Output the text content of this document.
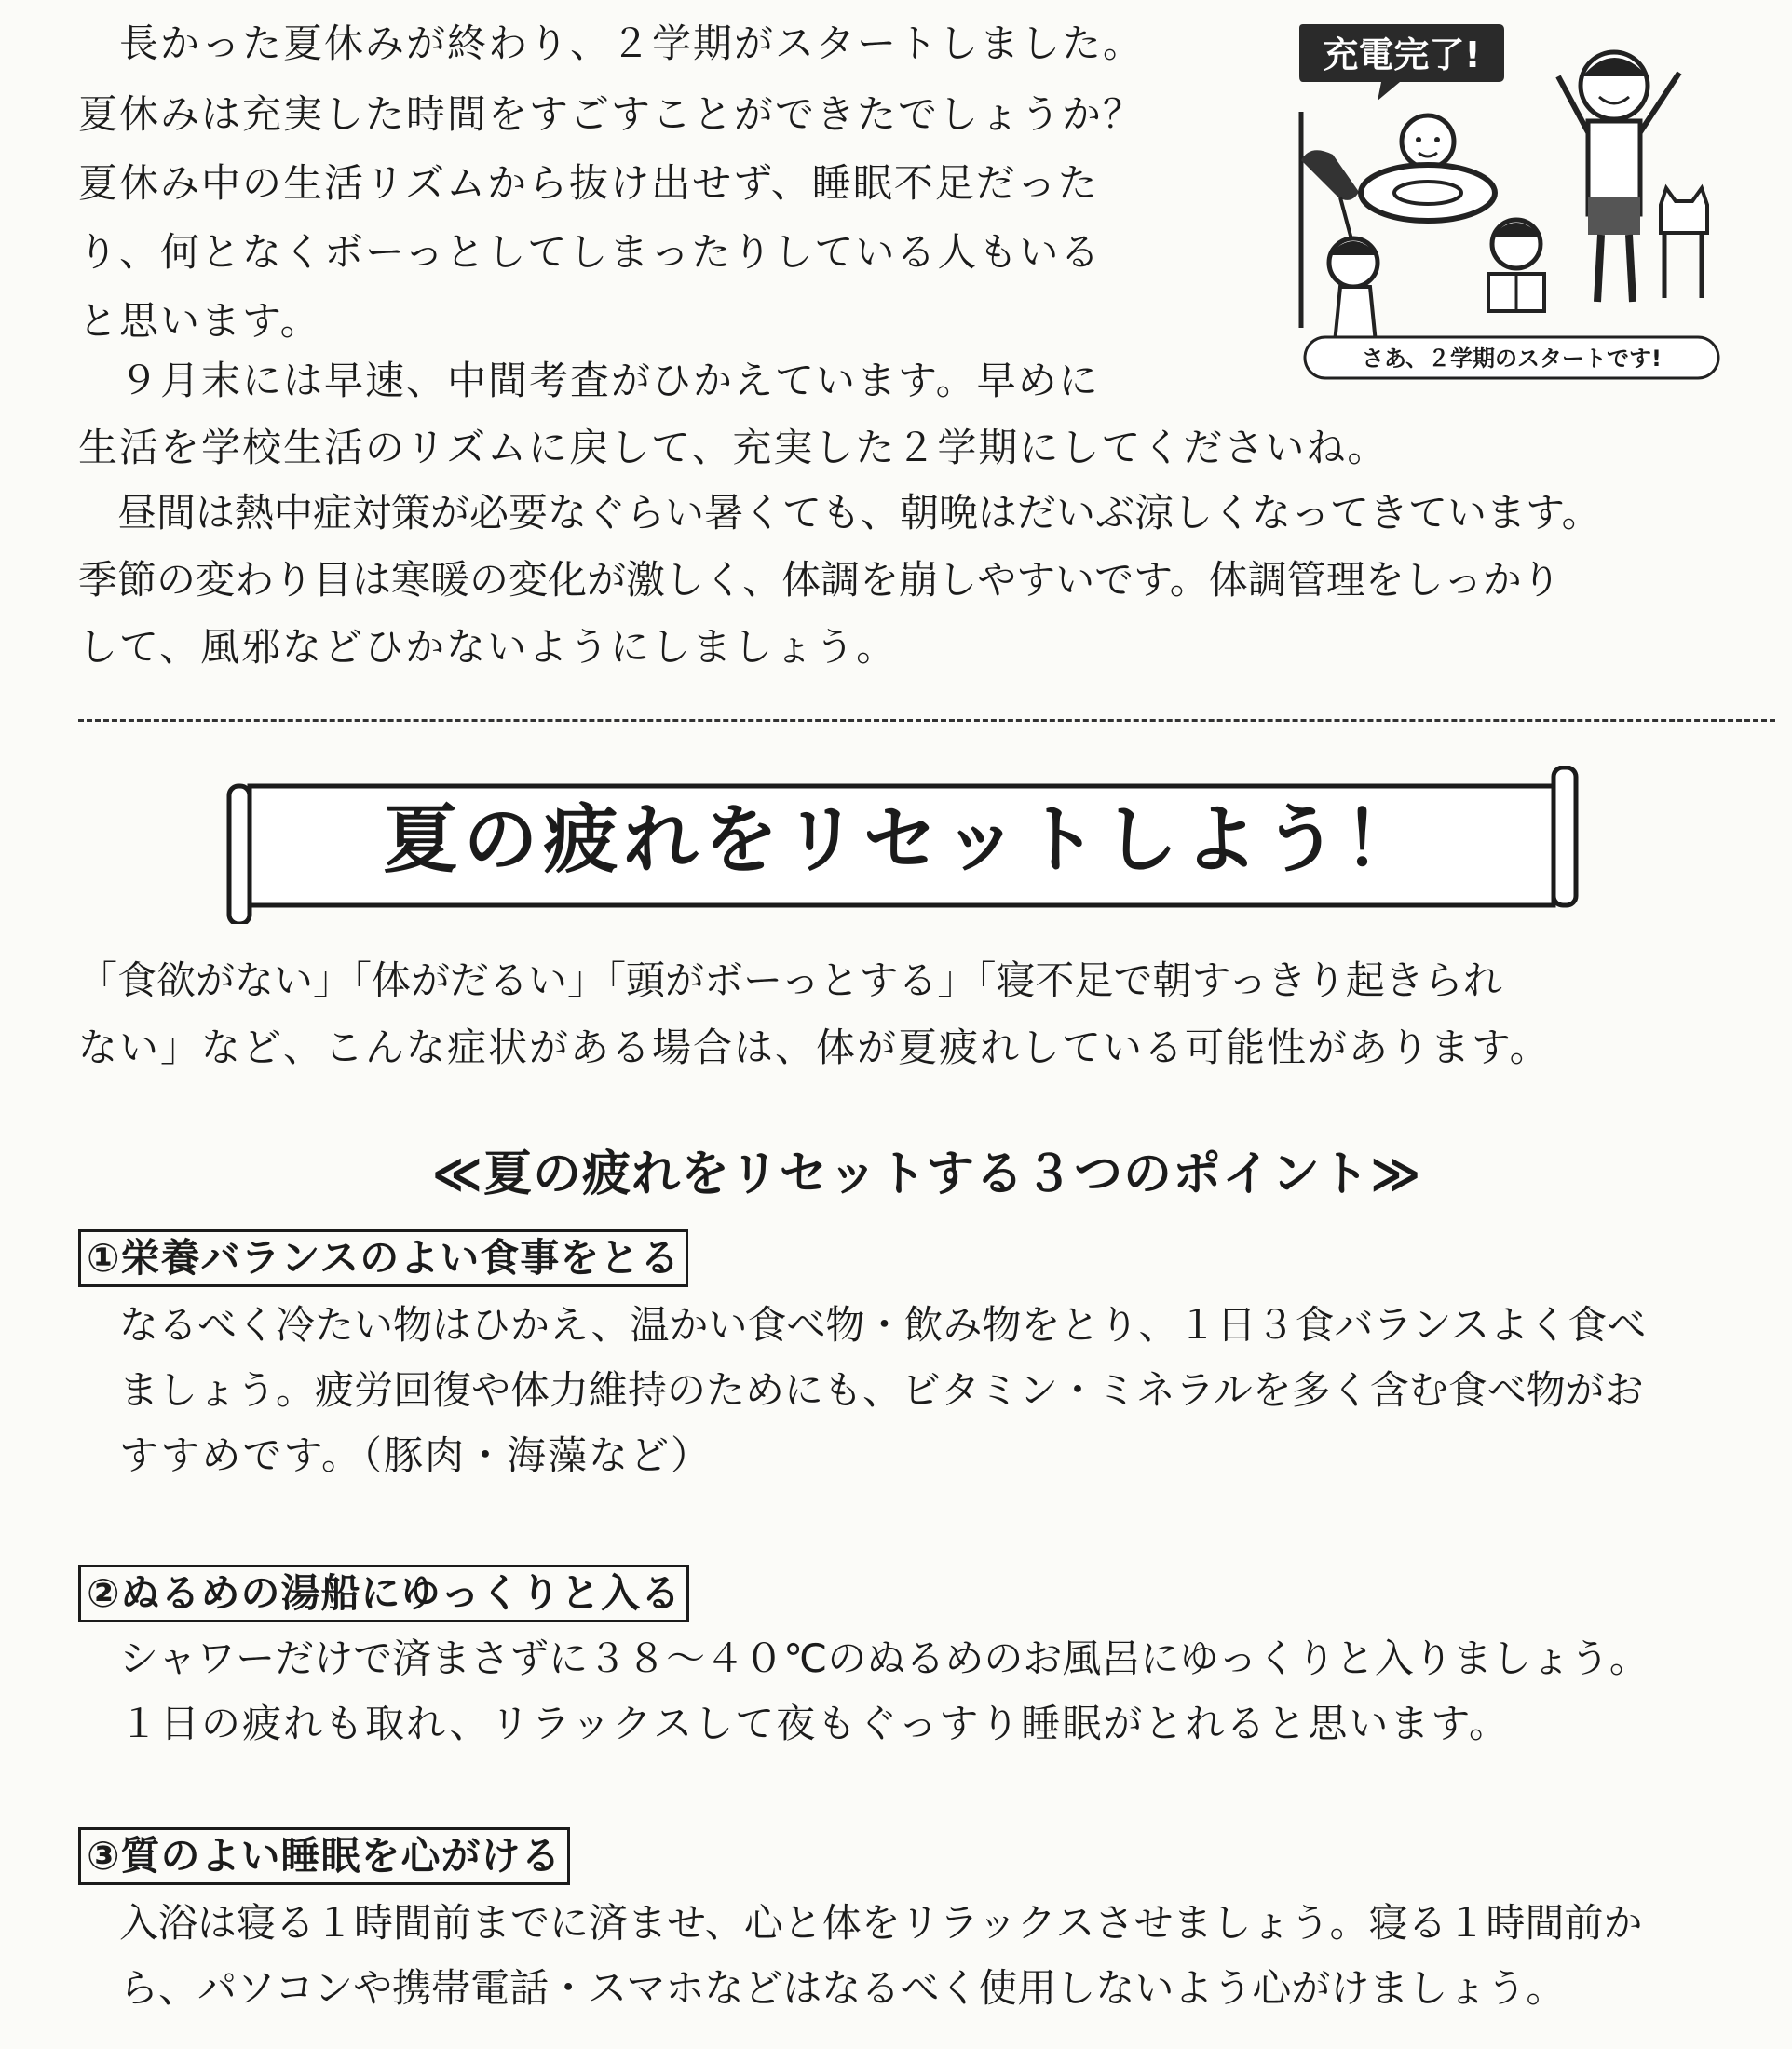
　長かった夏休みが終わり、２学期がスタートしました。

夏休みは充実した時間をすごすことができたでしょうか？

夏休み中の生活リズムから抜け出せず、睡眠不足だった

り、何となくボーっとしてしまったりしている人もいる

と思います。

　９月末には早速、中間考査がひかえています。早めに

生活を学校生活のリズムに戻して、充実した２学期にしてくださいね。

　昼間は熱中症対策が必要なぐらい暑くても、朝晩はだいぶ涼しくなってきています。

季節の変わり目は寒暖の変化が激しく、体調を崩しやすいです。体調管理をしっかり

して、風邪などひかないようにしましょう。

充電完了!
さあ、２学期のスタートです!
夏の疲れをリセットしよう！

「食欲がない」「体がだるい」「頭がボーっとする」「寝不足で朝すっきり起きられ

ない」など、こんな症状がある場合は、体が夏疲れしている可能性があります。

≪夏の疲れをリセットする３つのポイント≫
①栄養バランスのよい食事をとる

なるべく冷たい物はひかえ、温かい食べ物・飲み物をとり、１日３食バランスよく食べ

ましょう。疲労回復や体力維持のためにも、ビタミン・ミネラルを多く含む食べ物がお

すすめです。（豚肉・海藻など）

②ぬるめの湯船にゆっくりと入る

シャワーだけで済まさずに３８～４０℃のぬるめのお風呂にゆっくりと入りましょう。

１日の疲れも取れ、リラックスして夜もぐっすり睡眠がとれると思います。

③質のよい睡眠を心がける

入浴は寝る１時間前までに済ませ、心と体をリラックスさせましょう。寝る１時間前か

ら、パソコンや携帯電話・スマホなどはなるべく使用しないよう心がけましょう。
